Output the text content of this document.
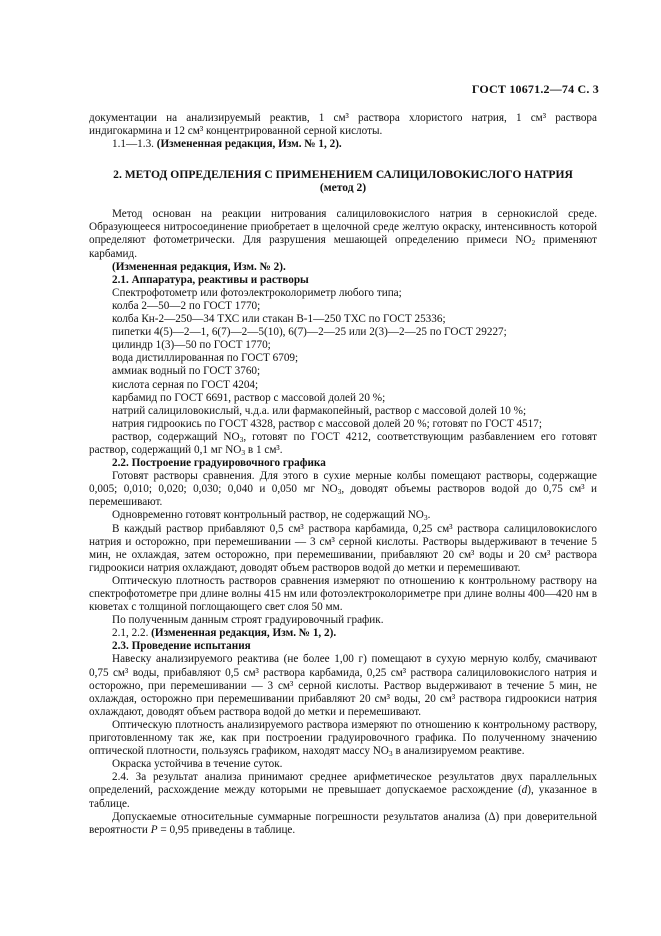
ГОСТ 10671.2—74 С. 3

документации на анализируемый реактив, 1 см³ раствора хлористого натрия, 1 см³ раствора индигокармина и 12 см³ концентрированной серной кислоты.

1.1—1.3. (Измененная редакция, Изм. № 1, 2).

2. МЕТОД ОПРЕДЕЛЕНИЯ С ПРИМЕНЕНИЕМ САЛИЦИЛОВОКИСЛОГО НАТРИЯ
(метод 2)

Метод основан на реакции нитрования салициловокислого натрия в сернокислой среде. Образующееся нитросоединение приобретает в щелочной среде желтую окраску, интенсивность которой определяют фотометрически. Для разрушения мешающей определению примеси $NO_2$ применяют карбамид.

(Измененная редакция, Изм. № 2).

2.1. Аппаратура, реактивы и растворы

Спектрофотометр или фотоэлектроколориметр любого типа;

колба 2—50—2 по ГОСТ 1770;

колба Кн-2—250—34 ТХС или стакан В-1—250 ТХС по ГОСТ 25336;

пипетки 4(5)—2—1, 6(7)—2—5(10), 6(7)—2—25 или 2(3)—2—25 по ГОСТ 29227;

цилиндр 1(3)—50 по ГОСТ 1770;

вода дистиллированная по ГОСТ 6709;

аммиак водный по ГОСТ 3760;

кислота серная по ГОСТ 4204;

карбамид по ГОСТ 6691, раствор с массовой долей 20 %;

натрий салициловокислый, ч.д.а. или фармакопейный, раствор с массовой долей 10 %;

натрия гидроокись по ГОСТ 4328, раствор с массовой долей 20 %; готовят по ГОСТ 4517;

раствор, содержащий $NO_3$, готовят по ГОСТ 4212, соответствующим разбавлением его готовят раствор, содержащий 0,1 мг $NO_3$ в 1 см³.

2.2. Построение градуировочного графика

Готовят растворы сравнения. Для этого в сухие мерные колбы помещают растворы, содержащие 0,005; 0,010; 0,020; 0,030; 0,040 и 0,050 мг $NO_3$, доводят объемы растворов водой до 0,75 см³ и перемешивают.

Одновременно готовят контрольный раствор, не содержащий $NO_3$.

В каждый раствор прибавляют 0,5 см³ раствора карбамида, 0,25 см³ раствора салициловокислого натрия и осторожно, при перемешивании — 3 см³ серной кислоты. Растворы выдерживают в течение 5 мин, не охлаждая, затем осторожно, при перемешивании, прибавляют 20 см³ воды и 20 см³ раствора гидроокиси натрия охлаждают, доводят объем растворов водой до метки и перемешивают.

Оптическую плотность растворов сравнения измеряют по отношению к контрольному раствору на спектрофотометре при длине волны 415 нм или фотоэлектроколориметре при длине волны 400—420 нм в кюветах с толщиной поглощающего свет слоя 50 мм.

По полученным данным строят градуировочный график.

2.1, 2.2. (Измененная редакция, Изм. № 1, 2).

2.3. Проведение испытания

Навеску анализируемого реактива (не более 1,00 г) помещают в сухую мерную колбу, смачивают 0,75 см³ воды, прибавляют 0,5 см³ раствора карбамида, 0,25 см³ раствора салициловокислого натрия и осторожно, при перемешивании — 3 см³ серной кислоты. Раствор выдерживают в течение 5 мин, не охлаждая, осторожно при перемешивании прибавляют 20 см³ воды, 20 см³ раствора гидроокиси натрия охлаждают, доводят объем раствора водой до метки и перемешивают.

Оптическую плотность анализируемого раствора измеряют по отношению к контрольному раствору, приготовленному так же, как при построении градуировочного графика. По полученному значению оптической плотности, пользуясь графиком, находят массу $NO_3$ в анализируемом реактиве.

Окраска устойчива в течение суток.

2.4. За результат анализа принимают среднее арифметическое результатов двух параллельных определений, расхождение между которыми не превышает допускаемое расхождение (d), указанное в таблице.

Допускаемые относительные суммарные погрешности результатов анализа (Δ) при доверительной вероятности P = 0,95 приведены в таблице.
